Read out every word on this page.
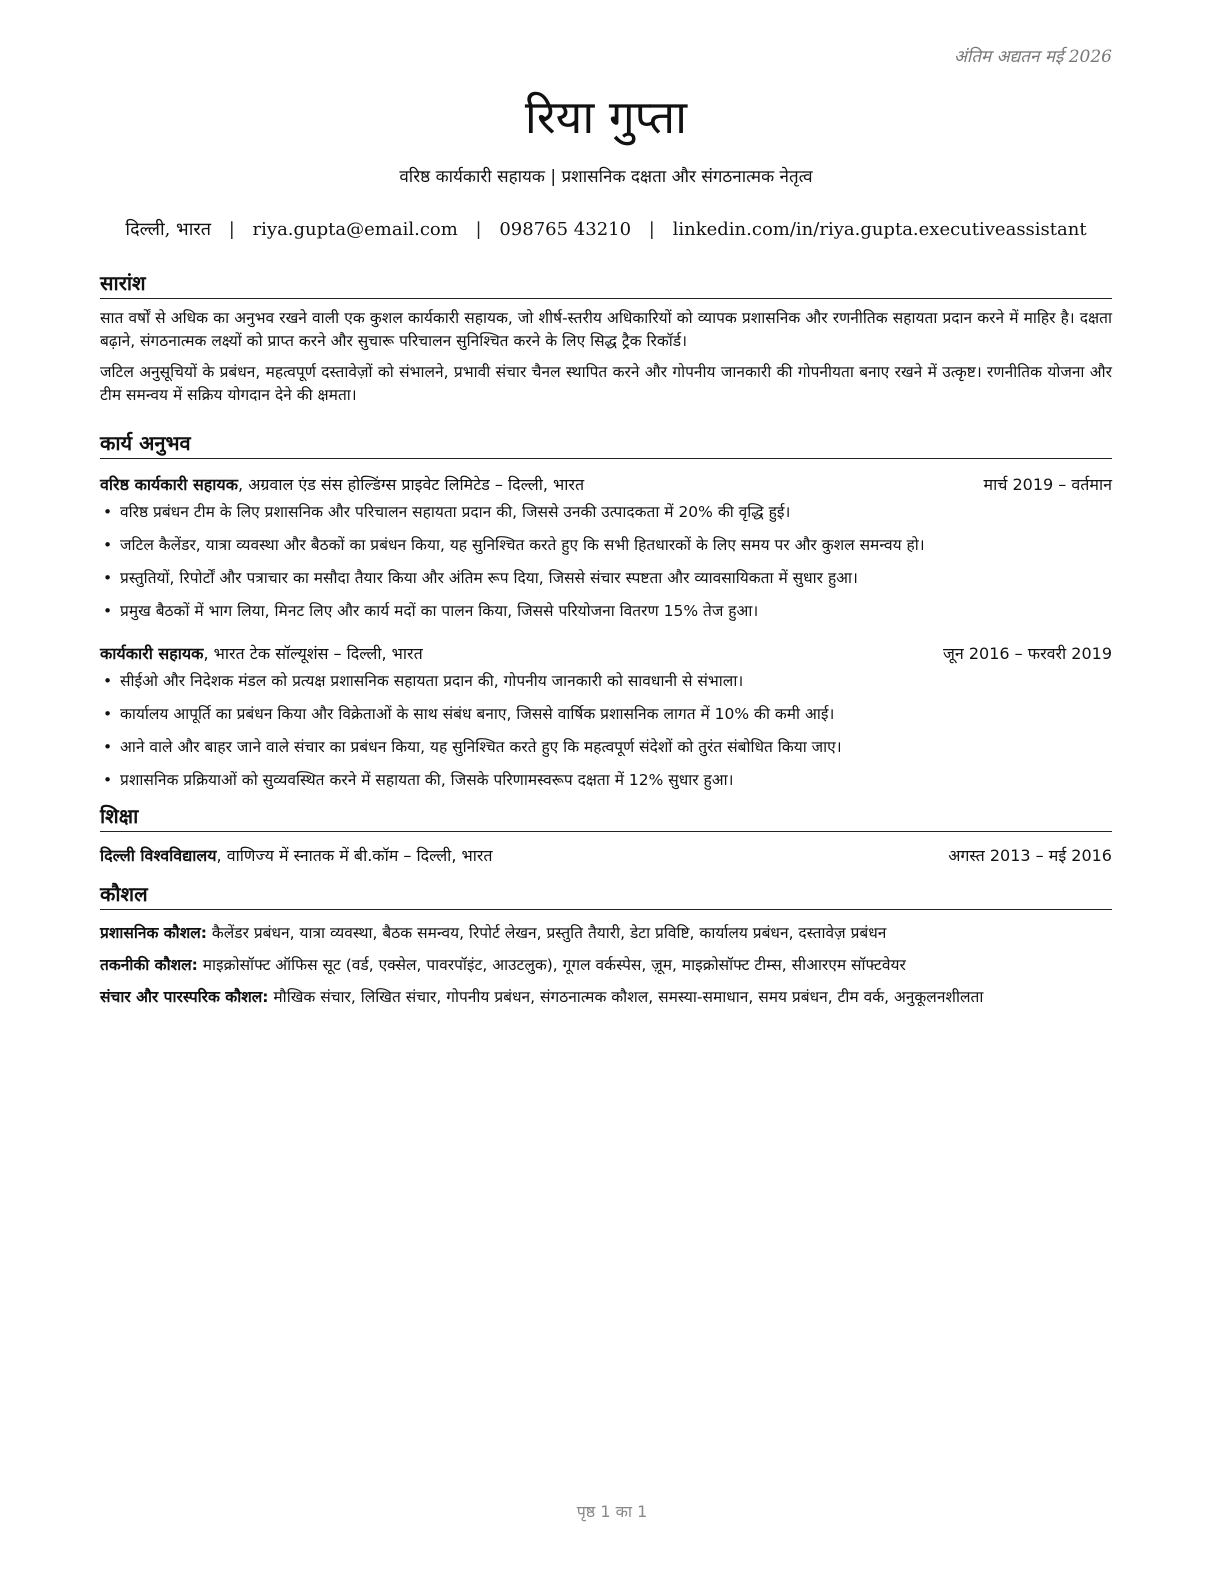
अंतिम अद्यतन मई 2026
रिया गुप्ता
वरिष्ठ कार्यकारी सहायक | प्रशासनिक दक्षता और संगठनात्मक नेतृत्व
दिल्ली, भारत | riya.gupta@email.com | 098765 43210 | linkedin.com/in/riya.gupta.executiveassistant
सारांश

सात वर्षों से अधिक का अनुभव रखने वाली एक कुशल कार्यकारी सहायक, जो शीर्ष-स्तरीय अधिकारियों को व्यापक प्रशासनिक और रणनीतिक सहायता प्रदान करने में माहिर है। दक्षता बढ़ाने, संगठनात्मक लक्ष्यों को प्राप्त करने और सुचारू परिचालन सुनिश्चित करने के लिए सिद्ध ट्रैक रिकॉर्ड।

जटिल अनुसूचियों के प्रबंधन, महत्वपूर्ण दस्तावेज़ों को संभालने, प्रभावी संचार चैनल स्थापित करने और गोपनीय जानकारी की गोपनीयता बनाए रखने में उत्कृष्ट। रणनीतिक योजना और टीम समन्वय में सक्रिय योगदान देने की क्षमता।

कार्य अनुभव
वरिष्ठ कार्यकारी सहायक, अग्रवाल एंड संस होल्डिंग्स प्राइवेट लिमिटेड – दिल्ली, भारत	मार्च 2019 – वर्तमान
• वरिष्ठ प्रबंधन टीम के लिए प्रशासनिक और परिचालन सहायता प्रदान की, जिससे उनकी उत्पादकता में 20% की वृद्धि हुई।
• जटिल कैलेंडर, यात्रा व्यवस्था और बैठकों का प्रबंधन किया, यह सुनिश्चित करते हुए कि सभी हितधारकों के लिए समय पर और कुशल समन्वय हो।
• प्रस्तुतियों, रिपोर्टों और पत्राचार का मसौदा तैयार किया और अंतिम रूप दिया, जिससे संचार स्पष्टता और व्यावसायिकता में सुधार हुआ।
• प्रमुख बैठकों में भाग लिया, मिनट लिए और कार्य मदों का पालन किया, जिससे परियोजना वितरण 15% तेज हुआ।
कार्यकारी सहायक, भारत टेक सॉल्यूशंस – दिल्ली, भारत	जून 2016 – फरवरी 2019
• सीईओ और निदेशक मंडल को प्रत्यक्ष प्रशासनिक सहायता प्रदान की, गोपनीय जानकारी को सावधानी से संभाला।
• कार्यालय आपूर्ति का प्रबंधन किया और विक्रेताओं के साथ संबंध बनाए, जिससे वार्षिक प्रशासनिक लागत में 10% की कमी आई।
• आने वाले और बाहर जाने वाले संचार का प्रबंधन किया, यह सुनिश्चित करते हुए कि महत्वपूर्ण संदेशों को तुरंत संबोधित किया जाए।
• प्रशासनिक प्रक्रियाओं को सुव्यवस्थित करने में सहायता की, जिसके परिणामस्वरूप दक्षता में 12% सुधार हुआ।
शिक्षा
दिल्ली विश्वविद्यालय, वाणिज्य में स्नातक में बी.कॉम – दिल्ली, भारत	अगस्त 2013 – मई 2016
कौशल
प्रशासनिक कौशल: कैलेंडर प्रबंधन, यात्रा व्यवस्था, बैठक समन्वय, रिपोर्ट लेखन, प्रस्तुति तैयारी, डेटा प्रविष्टि, कार्यालय प्रबंधन, दस्तावेज़ प्रबंधन
तकनीकी कौशल: माइक्रोसॉफ्ट ऑफिस सूट (वर्ड, एक्सेल, पावरपॉइंट, आउटलुक), गूगल वर्कस्पेस, ज़ूम, माइक्रोसॉफ्ट टीम्स, सीआरएम सॉफ्टवेयर
संचार और पारस्परिक कौशल: मौखिक संचार, लिखित संचार, गोपनीय प्रबंधन, संगठनात्मक कौशल, समस्या-समाधान, समय प्रबंधन, टीम वर्क, अनुकूलनशीलता
पृष्ठ 1 का 1
